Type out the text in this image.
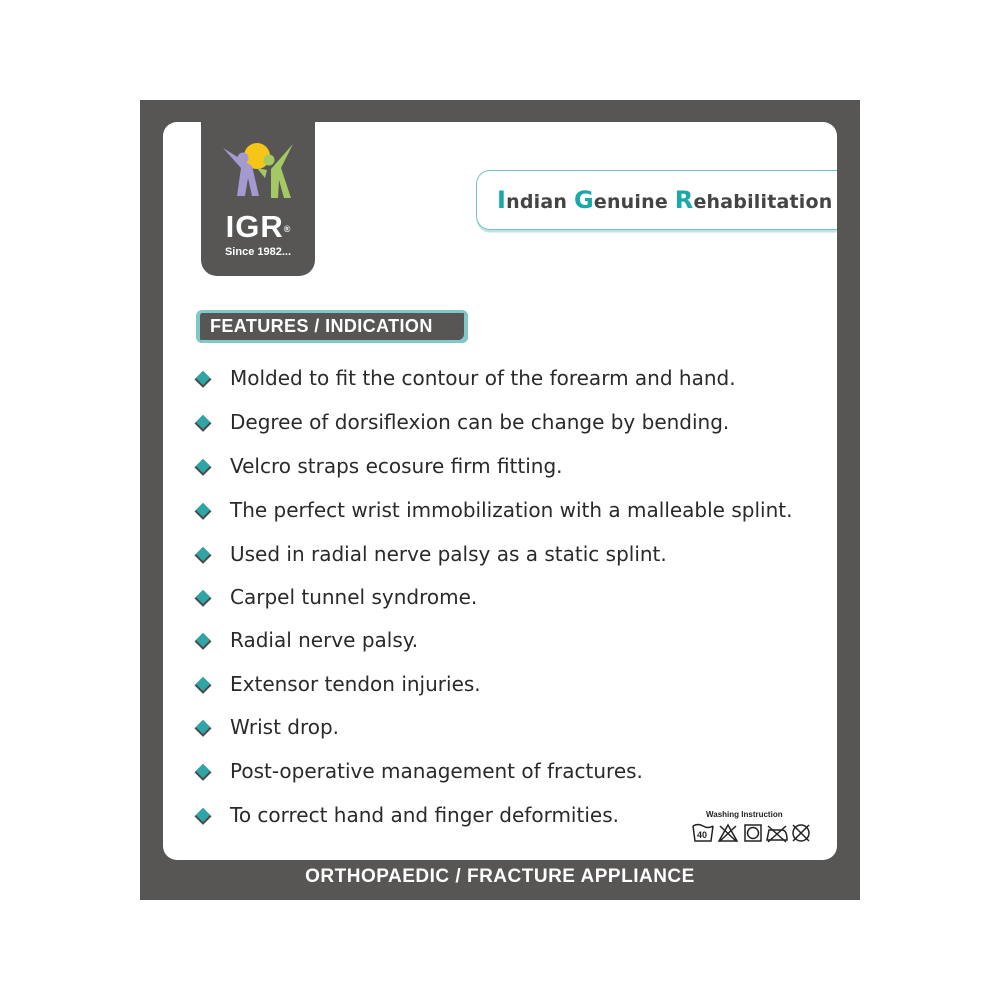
IGR®
Since 1982...
Indian Genuine Rehabilitation
FEATURES / INDICATION
Molded to fit the contour of the forearm and hand.
Degree of dorsiflexion can be change by bending.
Velcro straps ecosure firm fitting.
The perfect wrist immobilization with a malleable splint.
Used in radial nerve palsy as a static splint.
Carpel tunnel syndrome.
Radial nerve palsy.
Extensor tendon injuries.
Wrist drop.
Post-operative management of fractures.
To correct hand and finger deformities.	Washing Instruction
40
ORTHOPAEDIC / FRACTURE APPLIANCE
